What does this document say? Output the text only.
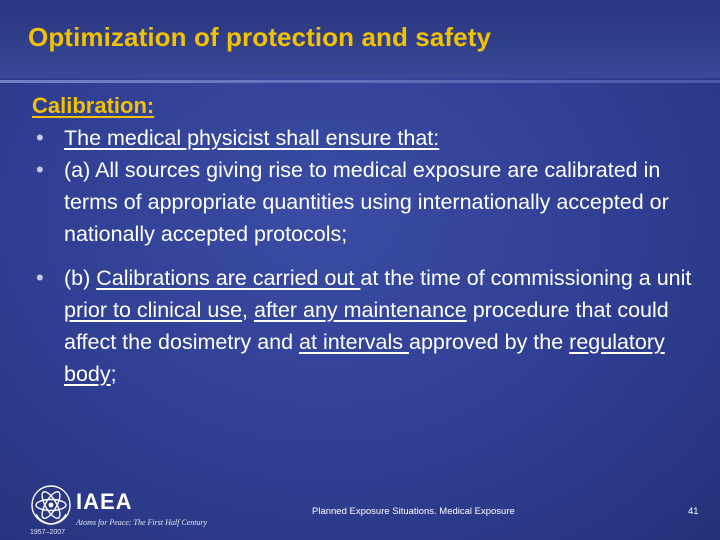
Optimization of protection and safety
Calibration:
• The medical physicist shall ensure that:
• (a) All sources giving rise to medical exposure are calibrated in terms of appropriate quantities using internationally accepted or nationally accepted protocols;
• (b) Calibrations are carried out at the time of commissioning a unit prior to clinical use, after any maintenance procedure that could affect the dosimetry and at intervals approved by the regulatory body;
IAEA
Atoms for Peace: The First Half Century
1957–2007
Planned Exposure Situations. Medical Exposure	41
